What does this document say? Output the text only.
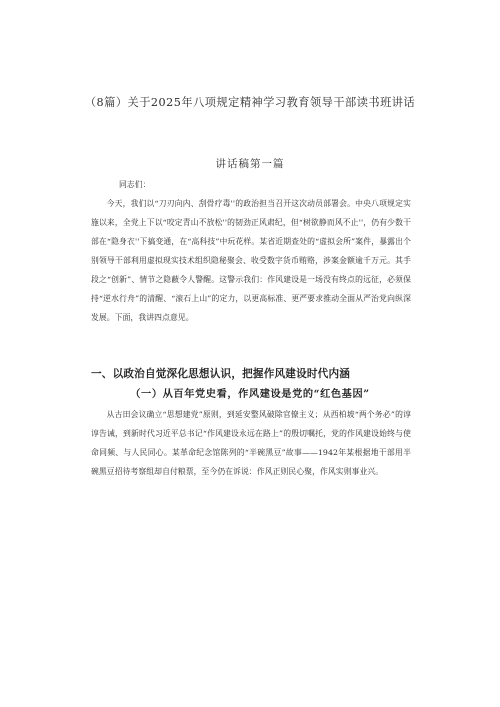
（8篇）关于2025年八项规定精神学习教育领导干部读书班讲话
讲话稿第一篇
同志们：
今天，我们以“刀刃向内、刮骨疗毒''的政治担当召开这次动员部署会。中央八项规定实施以来，全党上下以“咬定青山不放松''的韧劲正风肃纪，但“树欲静而风不止''，仍有少数干部在“隐身衣''下搞变通，在“高科技”中玩花样。某省近期查处的“虚拟会所”案件，暴露出个别领导干部利用虚拟现实技术组织隐秘聚会、收受数字货币贿赂，涉案金额逾千万元。其手段之“创新”、情节之隐蔽令人警醒。这警示我们：作风建设是一场没有终点的远征，必须保持“逆水行舟”的清醒、“滚石上山”的定力，以更高标准、更严要求推动全面从严治党向纵深发展。下面，我讲四点意见。
一、以政治自觉深化思想认识，把握作风建设时代内涵
（一）从百年党史看，作风建设是党的“红色基因”
从古田会议确立“思想建党”原则，到延安整风破除官僚主义；从西柏坡“两个务必”的谆谆告诫，到新时代习近平总书记“作风建设永远在路上”的殷切嘱托，党的作风建设始终与使命同频、与人民同心。某革命纪念馆陈列的“半碗黑豆”故事——1942年某根据地干部用半碗黑豆招待考察组却自付粮票，至今仍在诉说：作风正则民心聚，作风实则事业兴。
